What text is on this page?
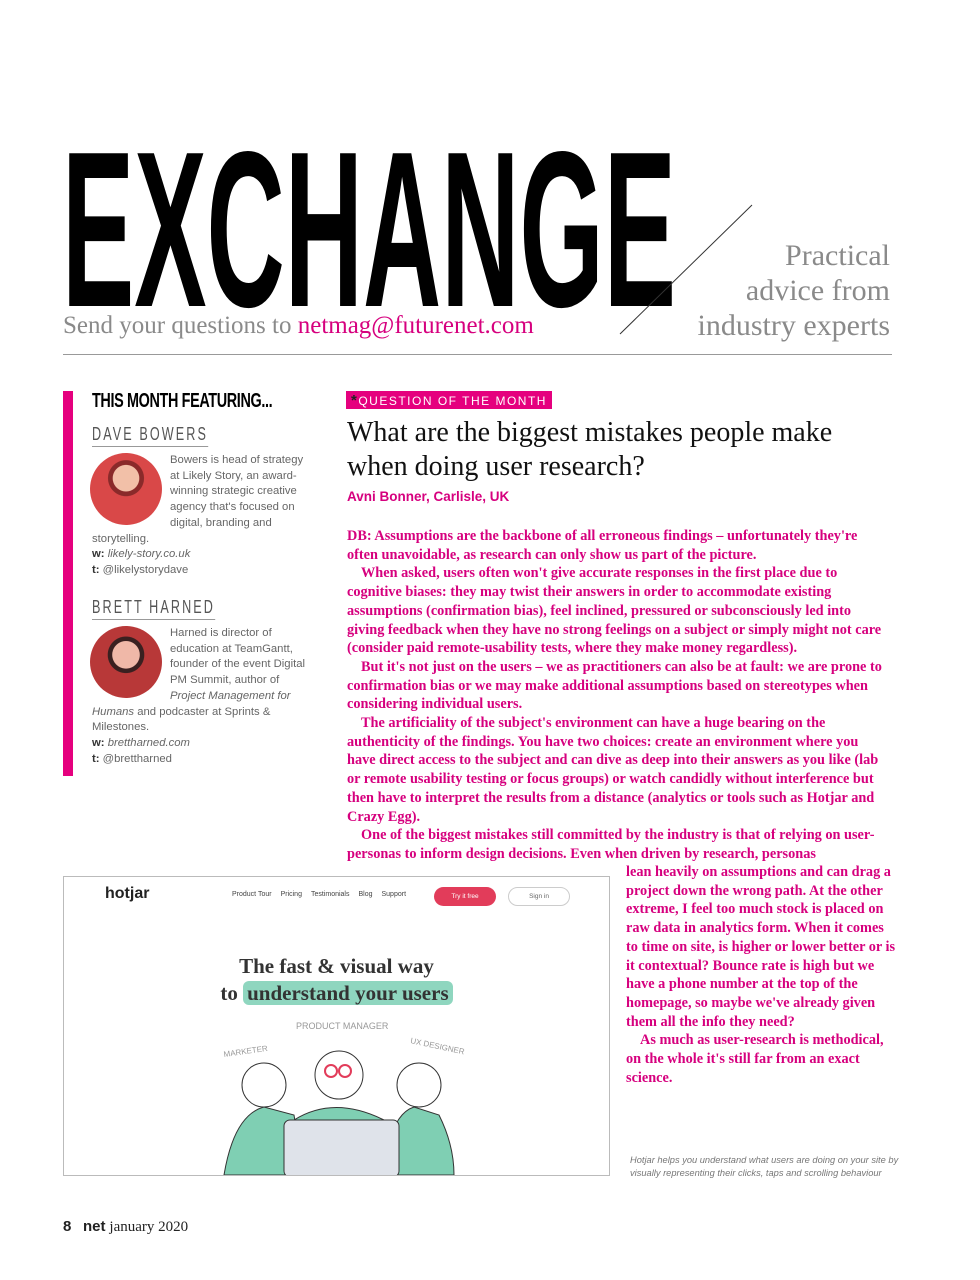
EXCHANGE
Send your questions to netmag@futurenet.com
Practical
advice from
industry experts
THIS MONTH FEATURING...
DAVE BOWERS
Bowers is head of strategy at Likely Story, an award-winning strategic creative agency that's focused on digital, branding and storytelling.
w: likely-story.co.uk
t: @likelystorydave
BRETT HARNED
Harned is director of education at TeamGantt, founder of the event Digital PM Summit, author of Project Management for Humans and podcaster at Sprints & Milestones.
w: brettharned.com
t: @brettharned
*QUESTION OF THE MONTH
What are the biggest mistakes people make when doing user research?
Avni Bonner, Carlisle, UK

DB: Assumptions are the backbone of all erroneous findings – unfortunately they're often unavoidable, as research can only show us part of the picture.

When asked, users often won't give accurate responses in the first place due to cognitive biases: they may twist their answers in order to accommodate existing assumptions (confirmation bias), feel inclined, pressured or subconsciously led into giving feedback when they have no strong feelings on a subject or simply might not care (consider paid remote-usability tests, where they make money regardless).

But it's not just on the users – we as practitioners can also be at fault: we are prone to confirmation bias or we may make additional assumptions based on stereotypes when considering individual users.

The artificiality of the subject's environment can have a huge bearing on the authenticity of the findings. You have two choices: create an environment where you have direct access to the subject and can dive as deep into their answers as you like (lab or remote usability testing or focus groups) or watch candidly without interference but then have to interpret the results from a distance (analytics or tools such as Hotjar and Crazy Egg).

One of the biggest mistakes still committed by the industry is that of relying on user-personas to inform design decisions. Even when driven by research, personas

lean heavily on assumptions and can drag a project down the wrong path. At the other extreme, I feel too much stock is placed on raw data in analytics form. When it comes to time on site, is higher or lower better or is it contextual? Bounce rate is high but we have a phone number at the top of the homepage, so maybe we've already given them all the info they need?

As much as user-research is methodical, on the whole it's still far from an exact science.

hotjar	Product Tour Pricing Testimonials Blog Support	Try it free	Sign in
The fast & visual way
to understand your users
PRODUCT MANAGER
MARKETER	UX DESIGNER
Hotjar helps you understand what users are doing on your site by visually representing their clicks, taps and scrolling behaviour
8 net january 2020
